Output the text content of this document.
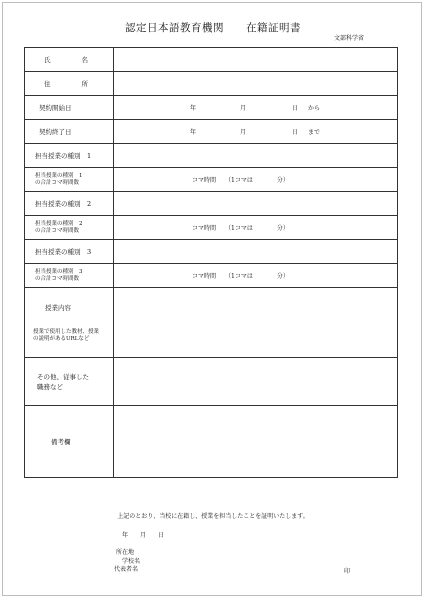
認定日本語教育機関　　在籍証明書
文部科学省
氏　　名	

住　　所	

契約開始日	年 月 日 から

契約終了日	年 月 日 まで

担当授業の種別　1	

担当授業の種別　1
の合計コマ時間数	コマ時間　　 （1コマは　　　　 分）

担当授業の種別　2	

担当授業の種別　2
の合計コマ時間数	コマ時間　　 （1コマは　　　　 分）

担当授業の種別　3	

担当授業の種別　3
の合計コマ時間数	コマ時間　　 （1コマは　　　　 分）

授業内容
授業で使用した教材、授業
の説明があるURLなど	

その他、従事した
職務など	

備考欄	

上記のとおり、当校に在籍し、授業を担当したことを証明いたします。
年　　 月　　 日
所在地
学校名
代表者名	印
